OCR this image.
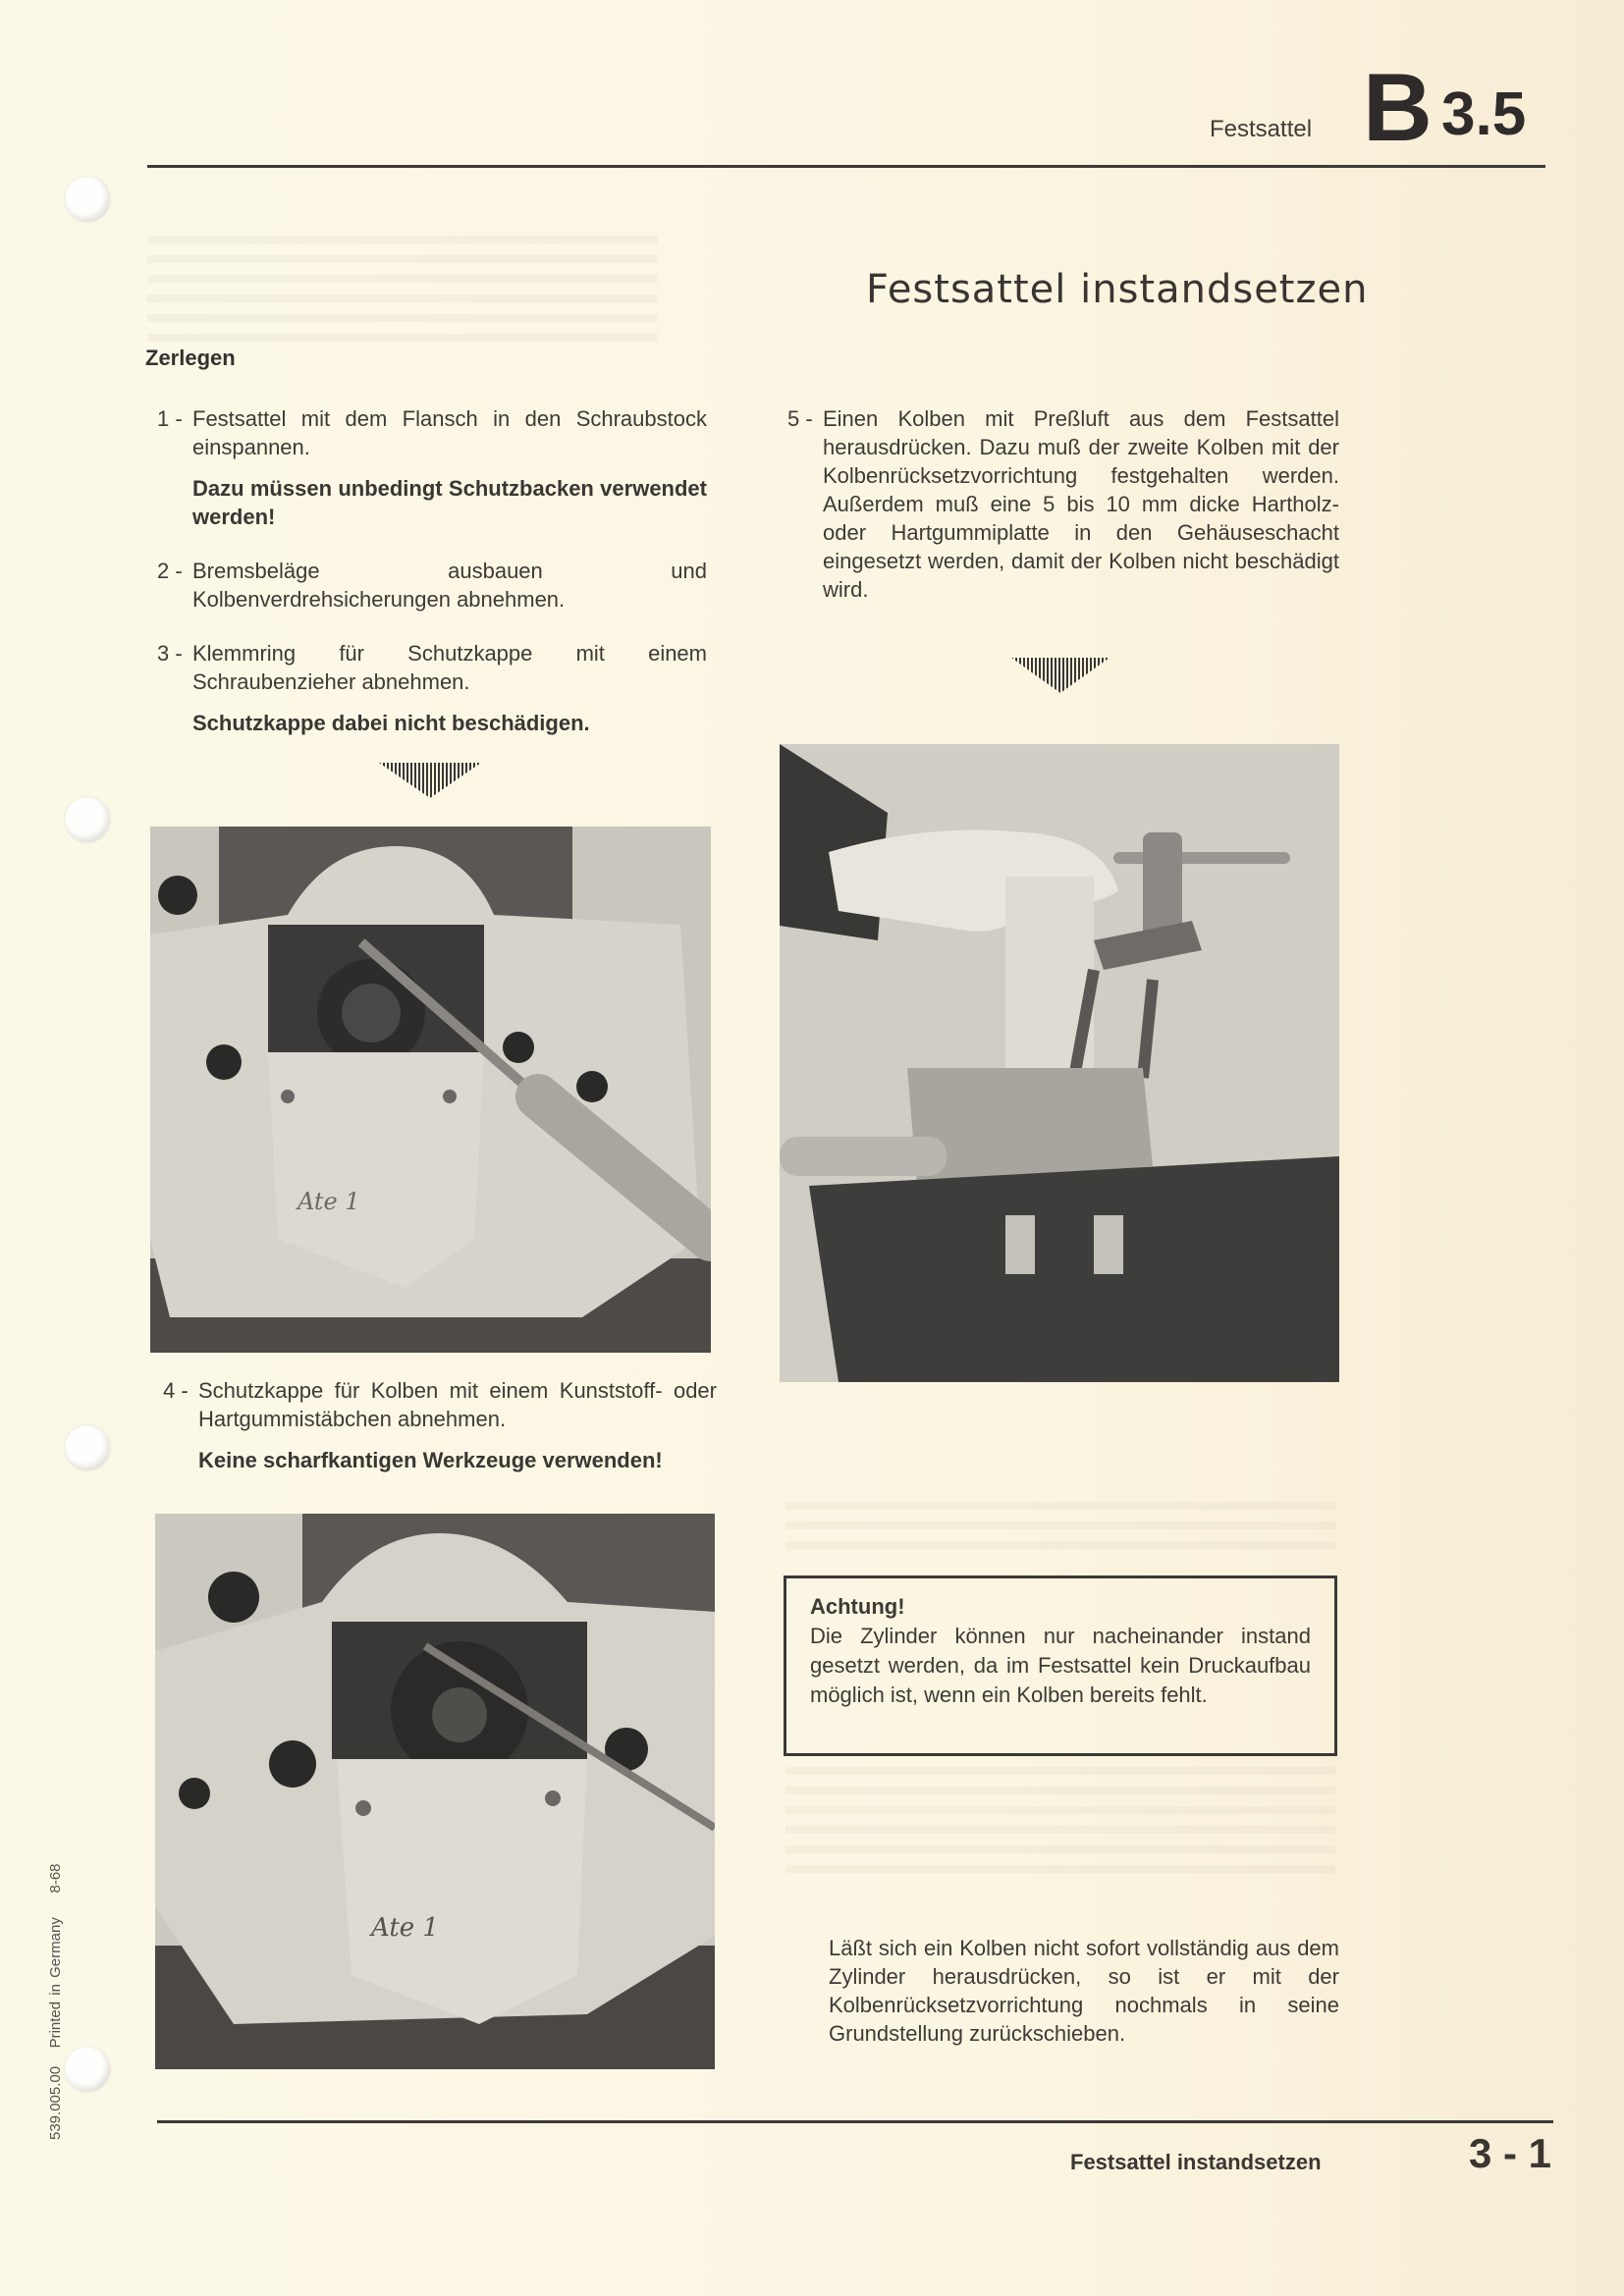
Festsattel B 3.5
Festsattel instandsetzen
Zerlegen
1 - Festsattel mit dem Flansch in den Schraubstock einspannen.
Dazu müssen unbedingt Schutzbacken verwendet werden!
2 - Bremsbeläge ausbauen und Kolbenverdrehsicherungen abnehmen.
3 - Klemmring für Schutzkappe mit einem Schraubenzieher abnehmen.
Schutzkappe dabei nicht beschädigen.
Ate 1
4 - Schutzkappe für Kolben mit einem Kunststoff- oder Hartgummistäbchen abnehmen.
Keine scharfkantigen Werkzeuge verwenden!
Ate 1
5 - Einen Kolben mit Preßluft aus dem Festsattel herausdrücken. Dazu muß der zweite Kolben mit der Kolbenrücksetzvorrichtung festgehalten werden. Außerdem muß eine 5 bis 10 mm dicke Hartholz- oder Hartgummiplatte in den Gehäuseschacht eingesetzt werden, damit der Kolben nicht beschädigt wird.
Achtung!
Die Zylinder können nur nacheinander instand gesetzt werden, da im Festsattel kein Druckaufbau möglich ist, wenn ein Kolben bereits fehlt.
Läßt sich ein Kolben nicht sofort vollständig aus dem Zylinder herausdrücken, so ist er mit der Kolbenrücksetzvorrichtung nochmals in seine Grundstellung zurückschieben.
539.005.00   Printed in Germany    8-68
Festsattel instandsetzen	3 - 1
